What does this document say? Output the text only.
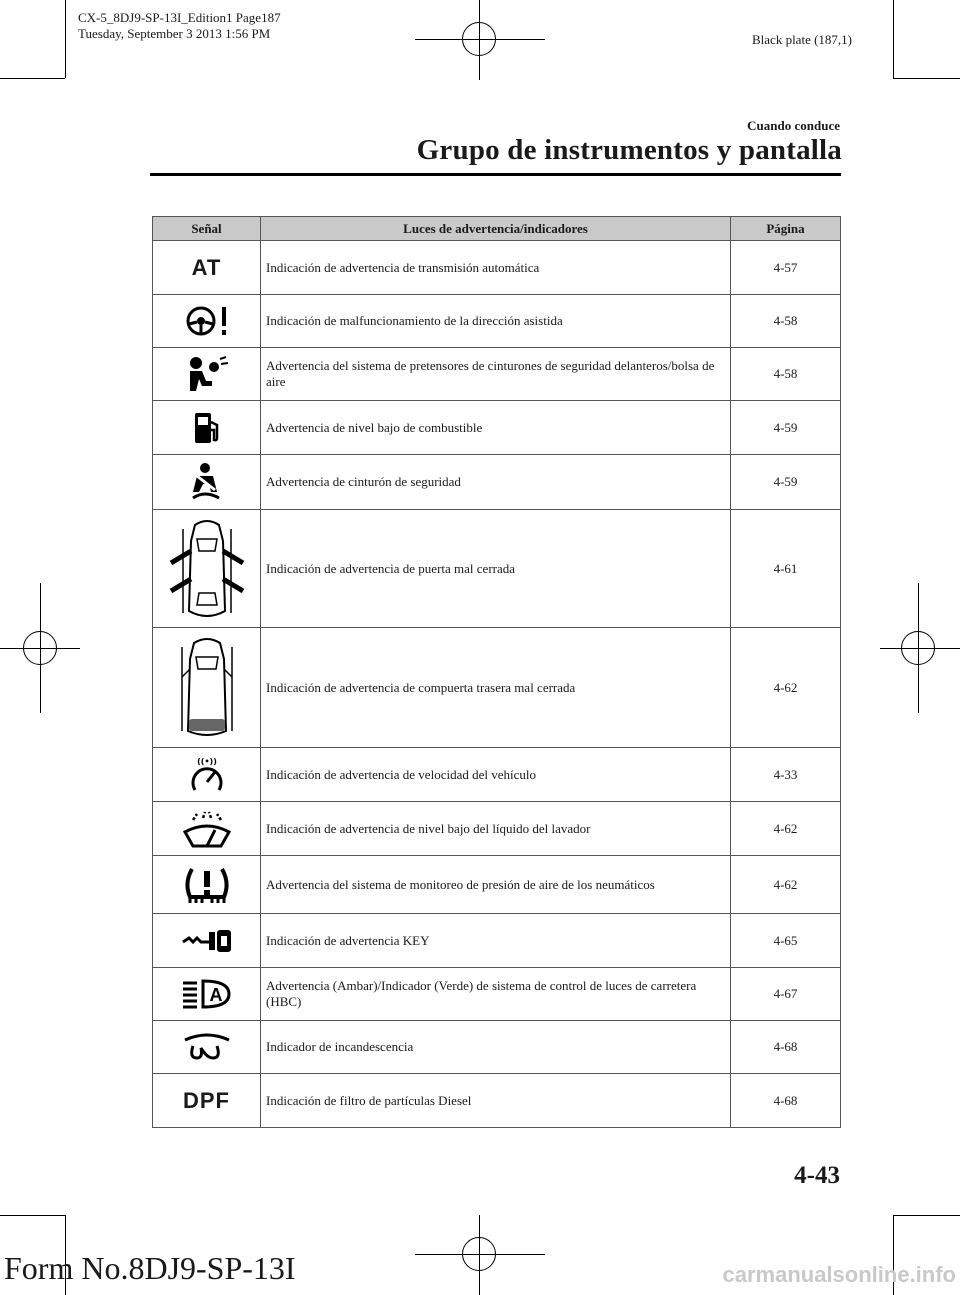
CX-5_8DJ9-SP-13I_Edition1 Page187
Tuesday, September 3 2013 1:56 PM	Black plate (187,1)
Cuando conduce
Grupo de instrumentos y pantalla
Señal	Luces de advertencia/indicadores	Página
AT	Indicación de advertencia de transmisión automática	4-57

	Indicación de malfuncionamiento de la dirección asistida	4-58

	Advertencia del sistema de pretensores de cinturones de seguridad delanteros/bolsa de aire	4-58

	Advertencia de nivel bajo de combustible	4-59

	Advertencia de cinturón de seguridad	4-59

	Indicación de advertencia de puerta mal cerrada	4-61

	Indicación de advertencia de compuerta trasera mal cerrada	4-62

((•))	Indicación de advertencia de velocidad del vehículo	4-33

	Indicación de advertencia de nivel bajo del líquido del lavador	4-62

	Advertencia del sistema de monitoreo de presión de aire de los neumáticos	4-62

	Indicación de advertencia KEY	4-65

A	Advertencia (Ambar)/Indicador (Verde) de sistema de control de luces de carretera (HBC)	4-67

	Indicador de incandescencia	4-68
DPF	Indicación de filtro de partículas Diesel	4-68
4-43
Form No.8DJ9-SP-13I	carmanualsonline.info
